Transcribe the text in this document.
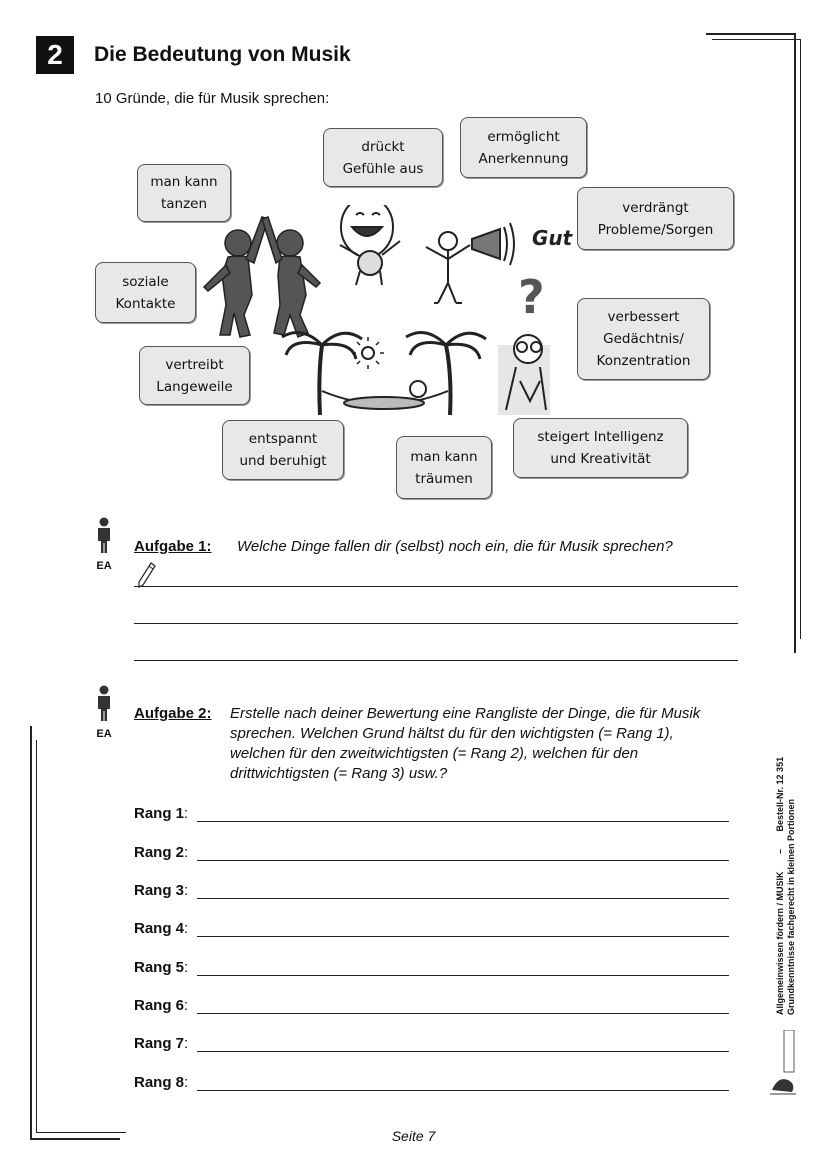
2	Die Bedeutung von Musik
10 Gründe, die für Musik sprechen:
Gut
?
man kann
tanzen
drückt
Gefühle aus
ermöglicht
Anerkennung
verdrängt
Probleme/Sorgen
soziale
Kontakte
verbessert
Gedächtnis/
Konzentration
vertreibt
Langeweile
entspannt
und beruhigt	man kann
träumen
steigert Intelligenz
und Kreativität
EA
Aufgabe 1: Welche Dinge fallen dir (selbst) noch ein, die für Musik sprechen?
EA
Aufgabe 2: Erstelle nach deiner Bewertung eine Rangliste der Dinge, die für Musik
sprechen. Welchen Grund hältst du für den wichtigsten (= Rang 1),
welchen für den zweitwichtigsten (= Rang 2), welchen für den
drittwichtigsten (= Rang 3) usw.?
Rang 1:
Rang 2:
Rang 3:
Rang 4:
Rang 5:
Rang 6:
Rang 7:
Rang 8:
Allgemeinwissen fördern / MUSIK–Bestell-Nr. 12 351
Grundkenntnisse fachgerecht in kleinen Portionen
Seite 7
